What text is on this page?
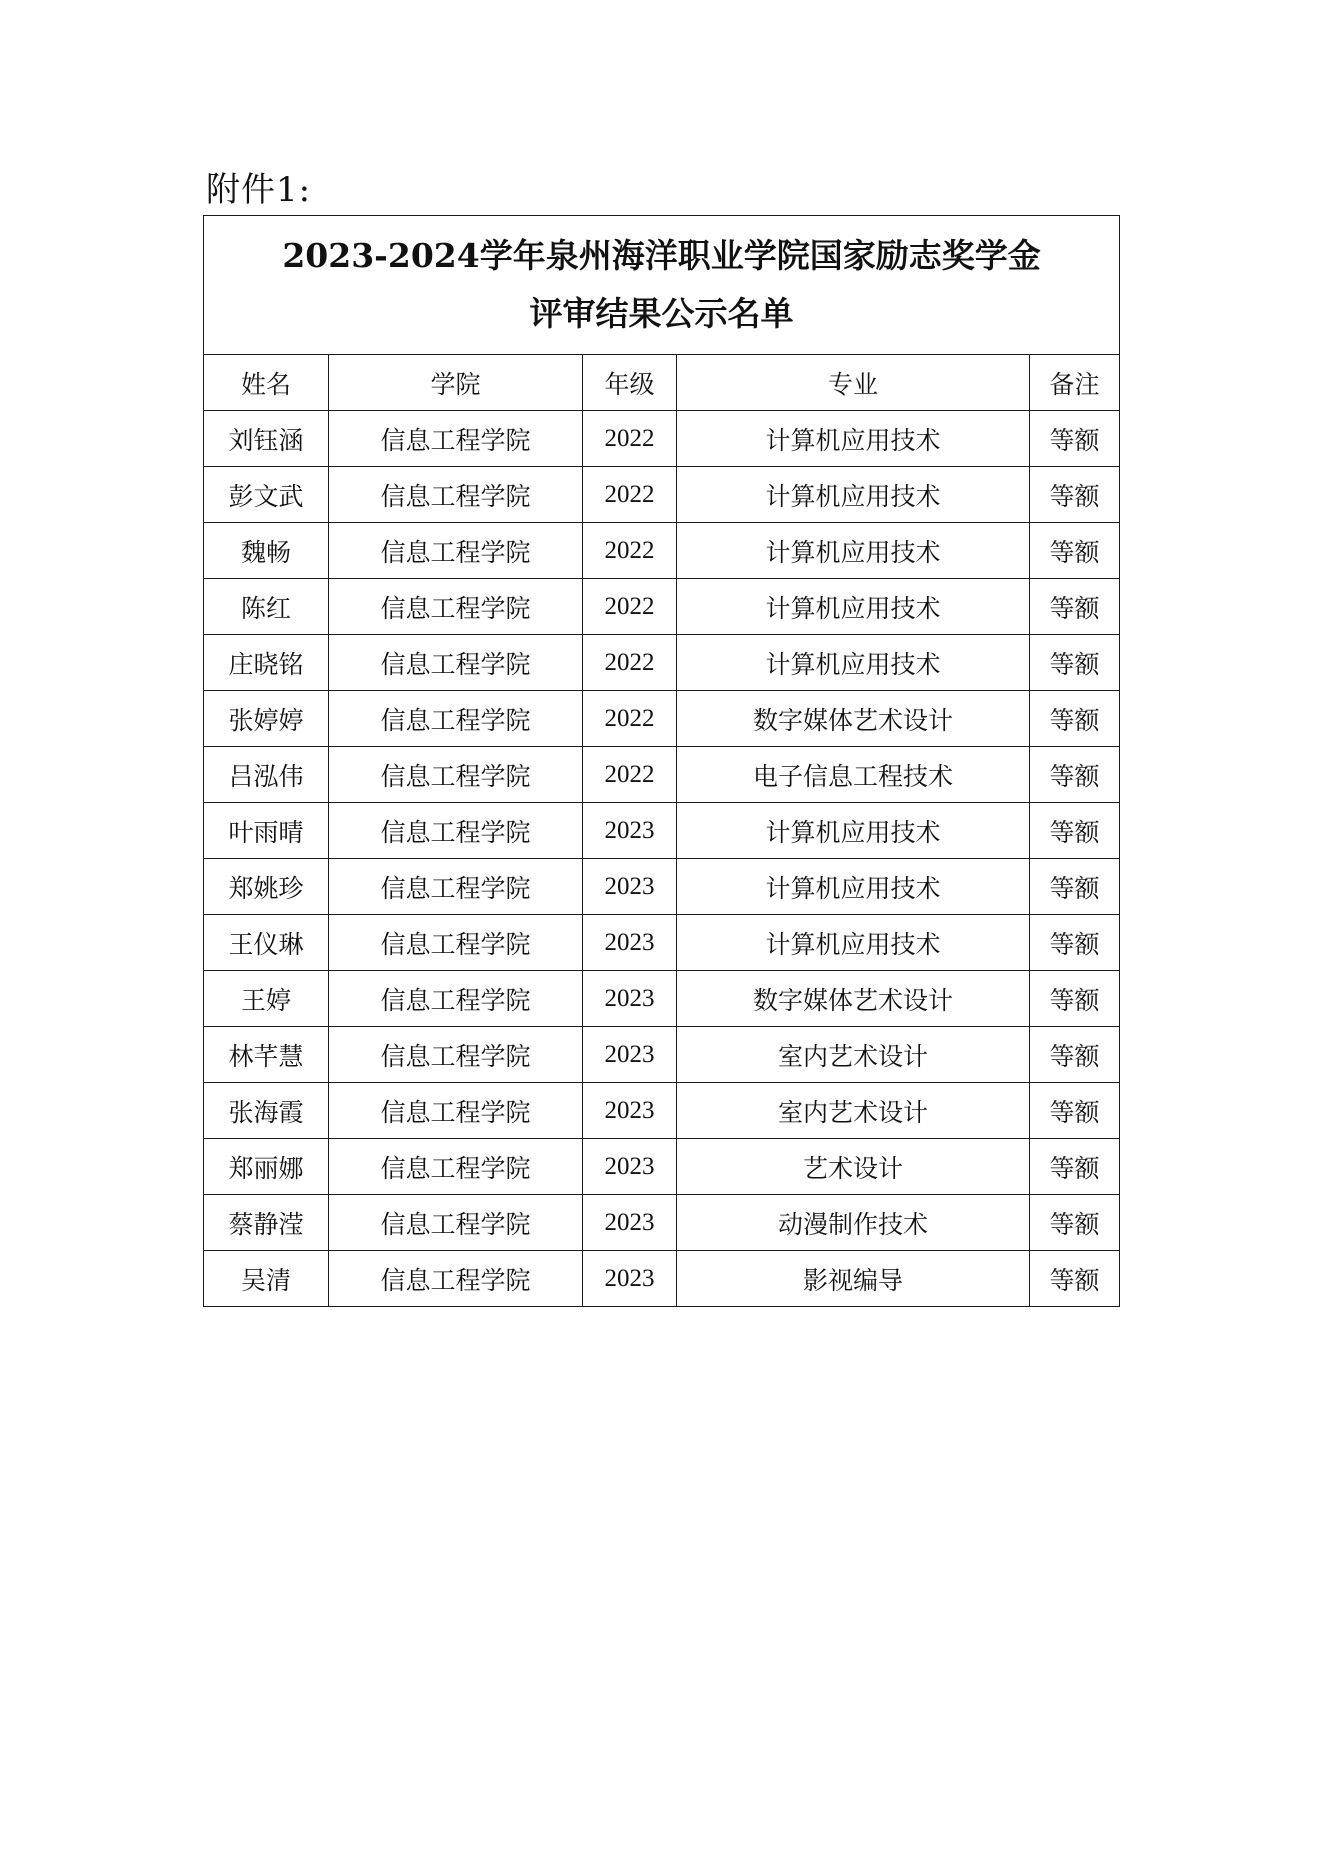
附件1:
2023-2024学年泉州海洋职业学院国家励志奖学金
评审结果公示名单				

姓名	学院	年级	专业	备注
刘钰涵	信息工程学院	2022	计算机应用技术	等额
彭文武	信息工程学院	2022	计算机应用技术	等额
魏畅	信息工程学院	2022	计算机应用技术	等额
陈红	信息工程学院	2022	计算机应用技术	等额
庄晓铭	信息工程学院	2022	计算机应用技术	等额
张婷婷	信息工程学院	2022	数字媒体艺术设计	等额
吕泓伟	信息工程学院	2022	电子信息工程技术	等额
叶雨晴	信息工程学院	2023	计算机应用技术	等额
郑姚珍	信息工程学院	2023	计算机应用技术	等额
王仪琳	信息工程学院	2023	计算机应用技术	等额
王婷	信息工程学院	2023	数字媒体艺术设计	等额
林芊慧	信息工程学院	2023	室内艺术设计	等额
张海霞	信息工程学院	2023	室内艺术设计	等额
郑丽娜	信息工程学院	2023	艺术设计	等额
蔡静滢	信息工程学院	2023	动漫制作技术	等额
吴清	信息工程学院	2023	影视编导	等额
